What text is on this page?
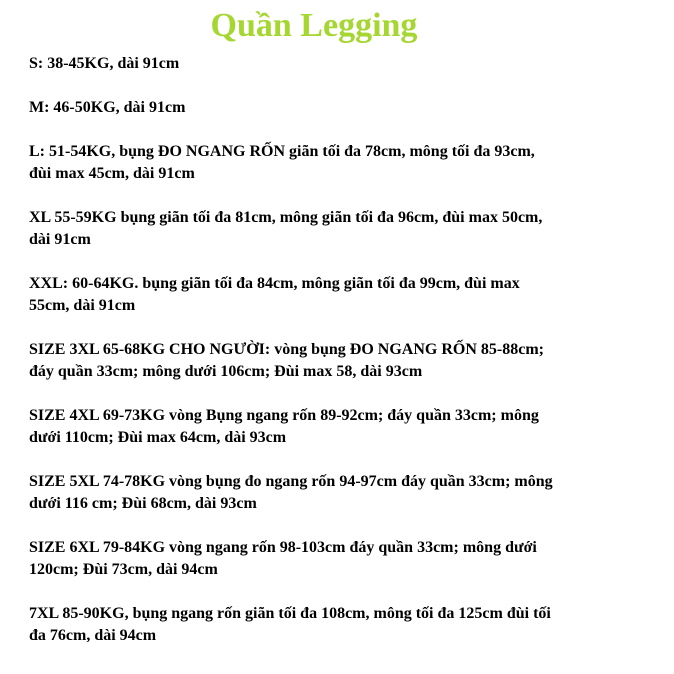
Quần Legging
S: 38-45KG, dài 91cm
M: 46-50KG, dài 91cm
L: 51-54KG, bụng ĐO NGANG RỐN giãn tối đa 78cm, mông tối đa 93cm,
đùi max 45cm, dài 91cm
XL 55-59KG bụng giãn tối đa 81cm, mông giãn tối đa 96cm, đùi max 50cm,
dài 91cm
XXL: 60-64KG. bụng giãn tối đa 84cm, mông giãn tối đa 99cm, đùi max
55cm, dài 91cm
SIZE 3XL 65-68KG CHO NGƯỜI: vòng bụng ĐO NGANG RỐN 85-88cm;
đáy quần 33cm; mông dưới 106cm; Đùi max 58, dài 93cm
SIZE 4XL 69-73KG vòng Bụng ngang rốn 89-92cm; đáy quần 33cm; mông
dưới 110cm; Đùi max 64cm, dài 93cm
SIZE 5XL 74-78KG vòng bụng đo ngang rốn 94-97cm đáy quần 33cm; mông
dưới 116 cm; Đùi 68cm, dài 93cm
SIZE 6XL 79-84KG vòng ngang rốn 98-103cm đáy quần 33cm; mông dưới
120cm; Đùi 73cm, dài 94cm
7XL 85-90KG, bụng ngang rốn giãn tối đa 108cm, mông tối đa 125cm đùi tối
đa 76cm, dài 94cm
